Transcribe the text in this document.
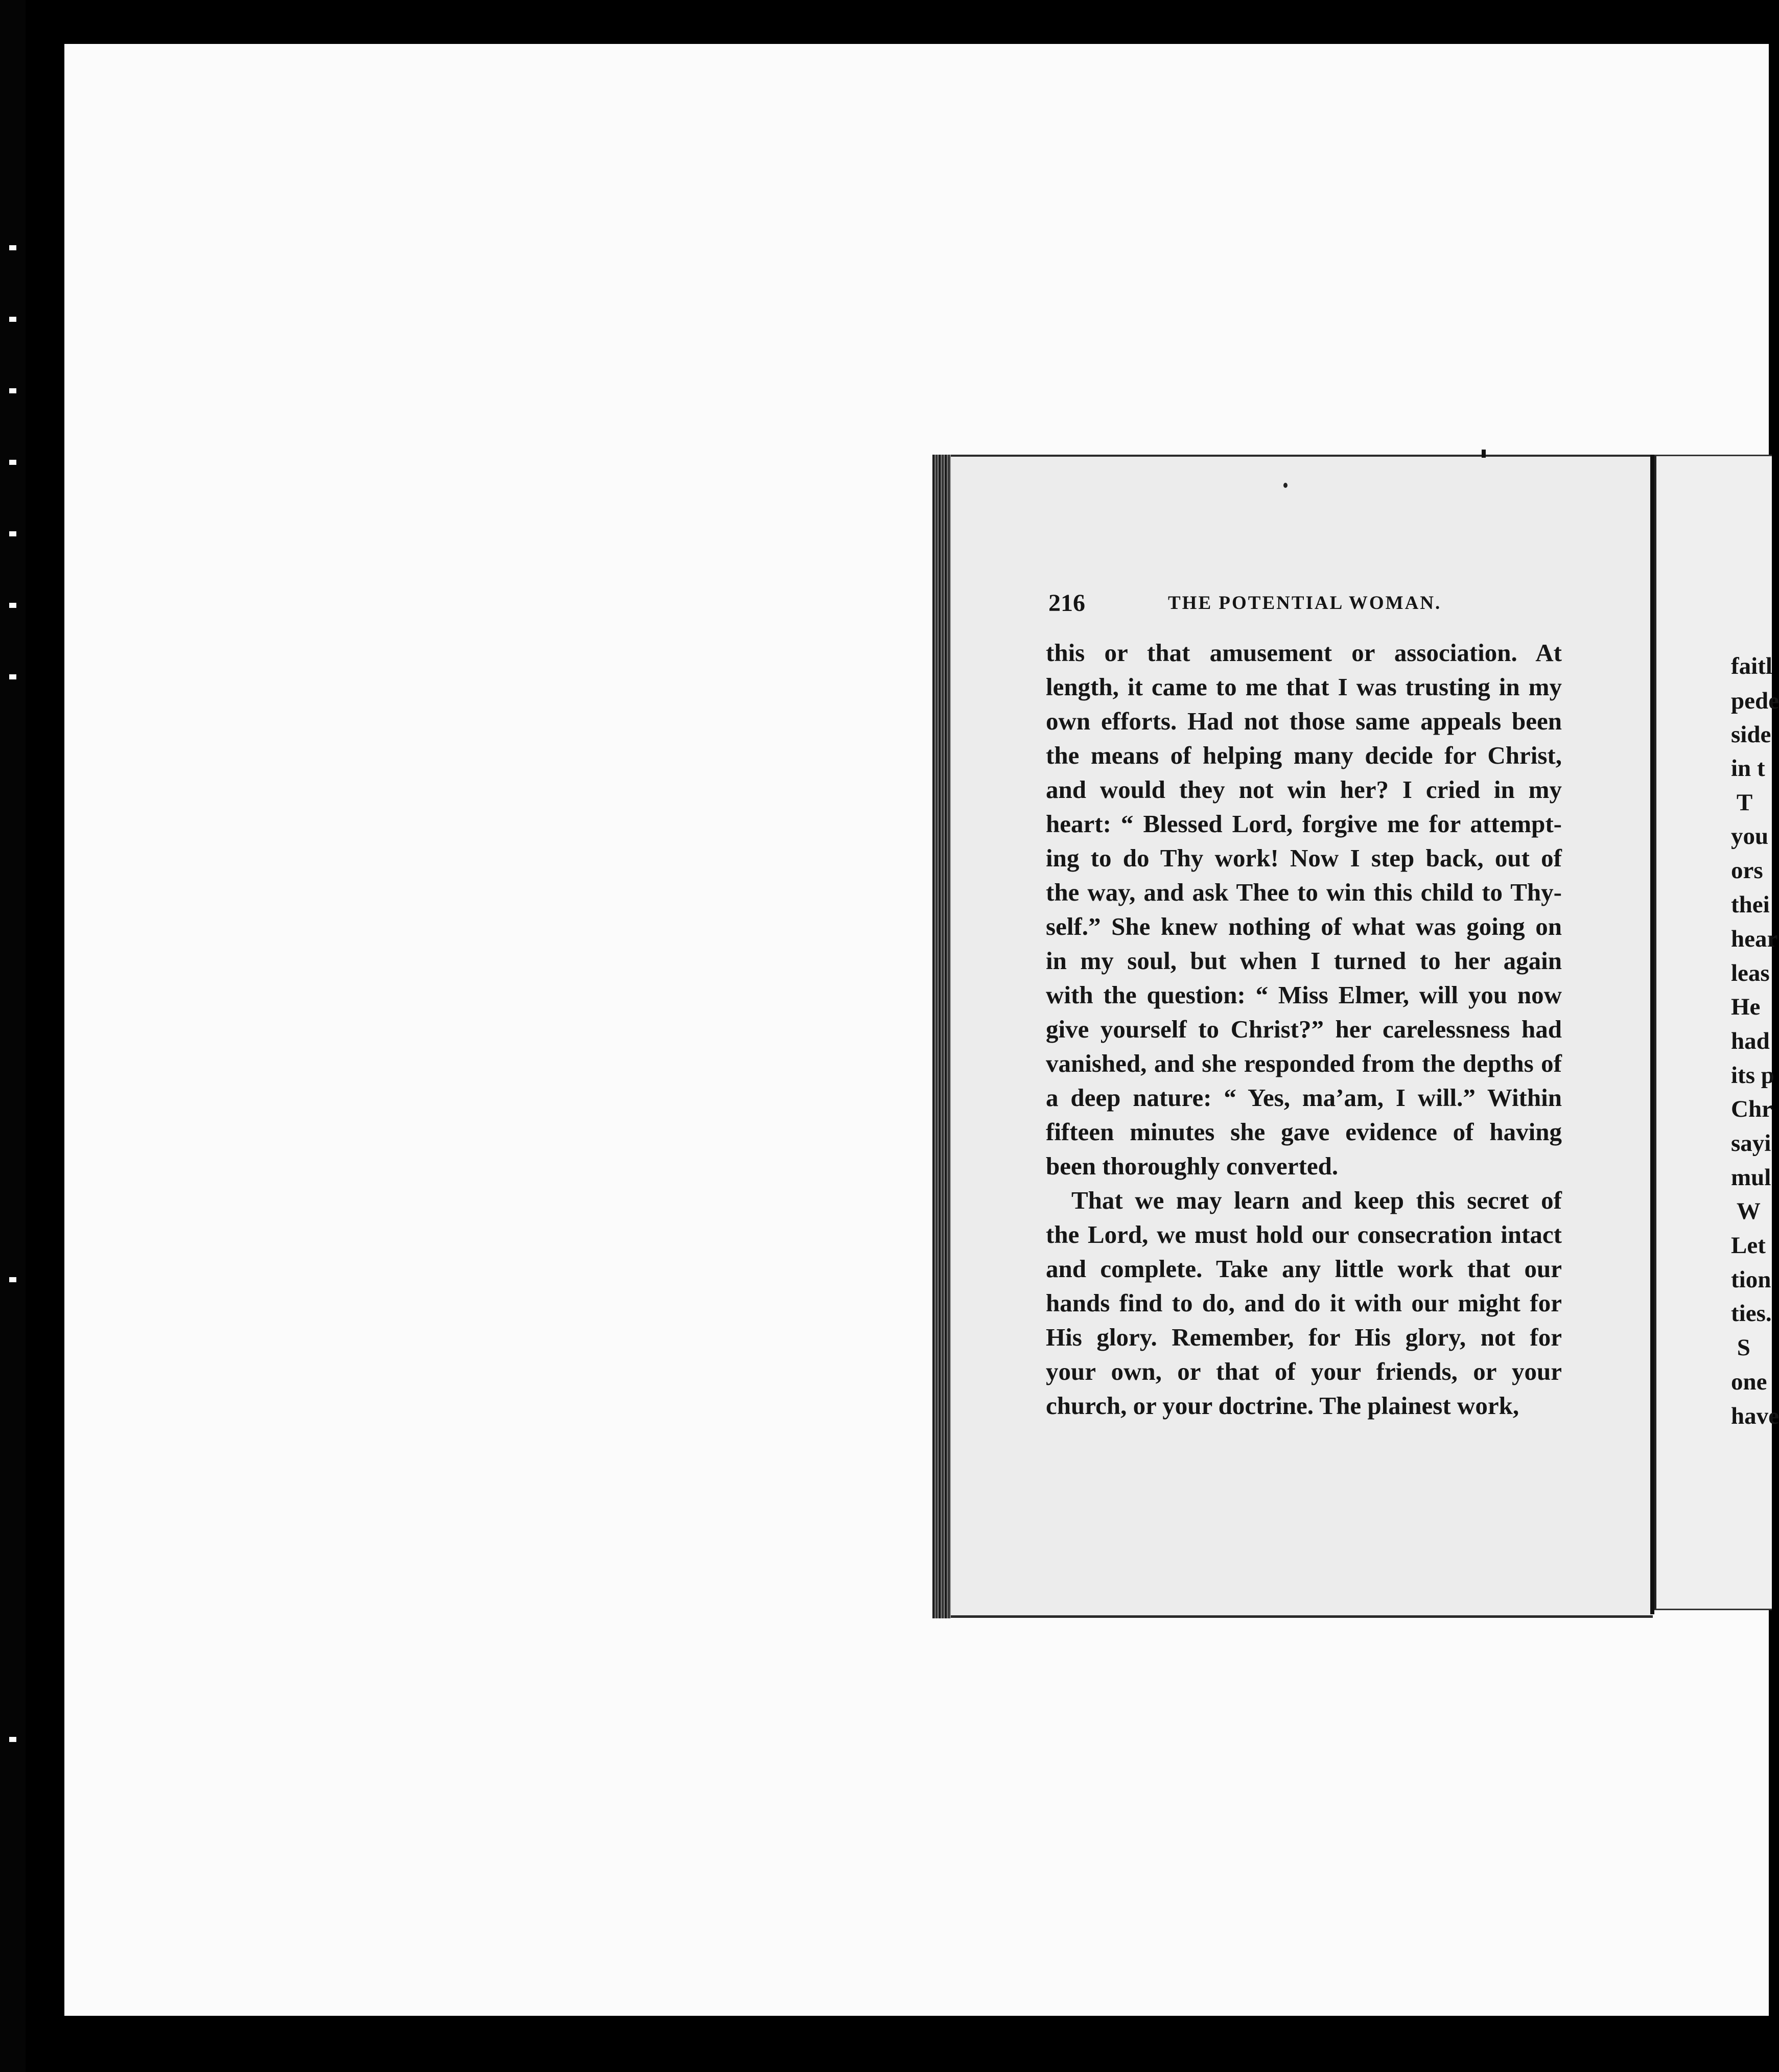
faitl
pede
side
in t
T
you
ors
thei
hear
leas
He
had
its p
Chr
sayi
mul
W
Let
tion
ties.
S
one
have
216	THE POTENTIAL WOMAN.
this or that amusement or association. At
length, it came to me that I was trusting in my
own efforts. Had not those same appeals been
the means of helping many decide for Christ,
and would they not win her? I cried in my
heart: “ Blessed Lord, forgive me for attempt-
ing to do Thy work! Now I step back, out of
the way, and ask Thee to win this child to Thy-
self.” She knew nothing of what was going on
in my soul, but when I turned to her again
with the question: “ Miss Elmer, will you now
give yourself to Christ?” her carelessness had
vanished, and she responded from the depths of
a deep nature: “ Yes, ma’am, I will.” Within
fifteen minutes she gave evidence of having
been thoroughly converted.
That we may learn and keep this secret of
the Lord, we must hold our consecration intact
and complete. Take any little work that our
hands find to do, and do it with our might for
His glory. Remember, for His glory, not for
your own, or that of your friends, or your
church, or your doctrine. The plainest work,
